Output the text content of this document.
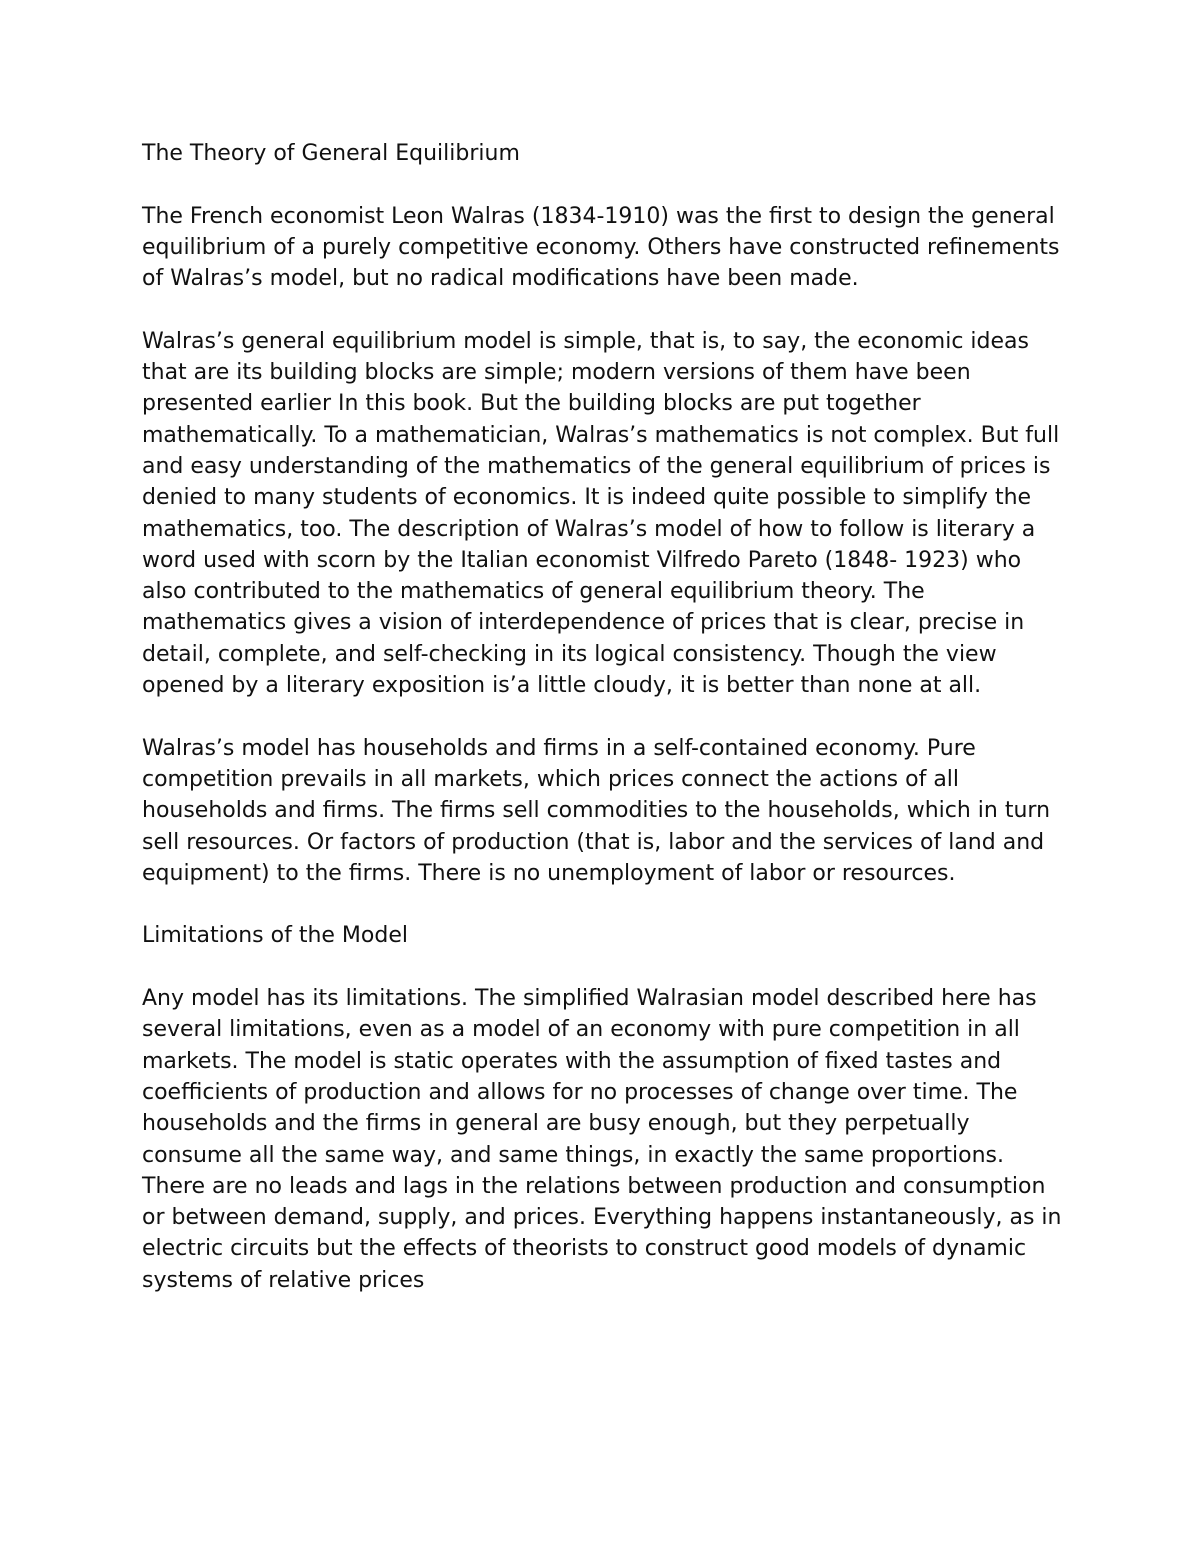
The Theory of General Equilibrium

The French economist Leon Walras (1834-1910) was the first to design the general equilibrium of a purely competitive economy. Others have constructed refinements of Walras’s model, but no radical modifications have been made.

Walras’s general equilibrium model is simple, that is, to say, the economic ideas that are its building blocks are simple; modern versions of them have been presented earlier In this book. But the building blocks are put together mathematically. To a mathematician, Walras’s mathematics is not complex. But full and easy understanding of the mathematics of the general equilibrium of prices is denied to many students of economics. It is indeed quite possible to simplify the mathematics, too. The description of Walras’s model of how to follow is literary a word used with scorn by the Italian economist Vilfredo Pareto (1848- 1923) who also contributed to the mathematics of general equilibrium theory. The mathematics gives a vision of interdependence of prices that is clear, precise in detail, complete, and self-checking in its logical consistency. Though the view opened by a literary exposition is’a little cloudy, it is better than none at all.

Walras’s model has households and firms in a self-contained economy. Pure competition prevails in all markets, which prices connect the actions of all households and firms. The firms sell commodities to the households, which in turn sell resources. Or factors of production (that is, labor and the services of land and equipment) to the firms. There is no unemployment of labor or resources.

Limitations of the Model

Any model has its limitations. The simplified Walrasian model described here has several limitations, even as a model of an economy with pure competition in all markets. The model is static operates with the assumption of fixed tastes and coefficients of production and allows for no processes of change over time. The households and the firms in general are busy enough, but they perpetually consume all the same way, and same things, in exactly the same proportions. There are no leads and lags in the relations between production and consumption or between demand, supply, and prices. Everything happens instantaneously, as in electric circuits but the effects of theorists to construct good models of dynamic systems of relative prices
